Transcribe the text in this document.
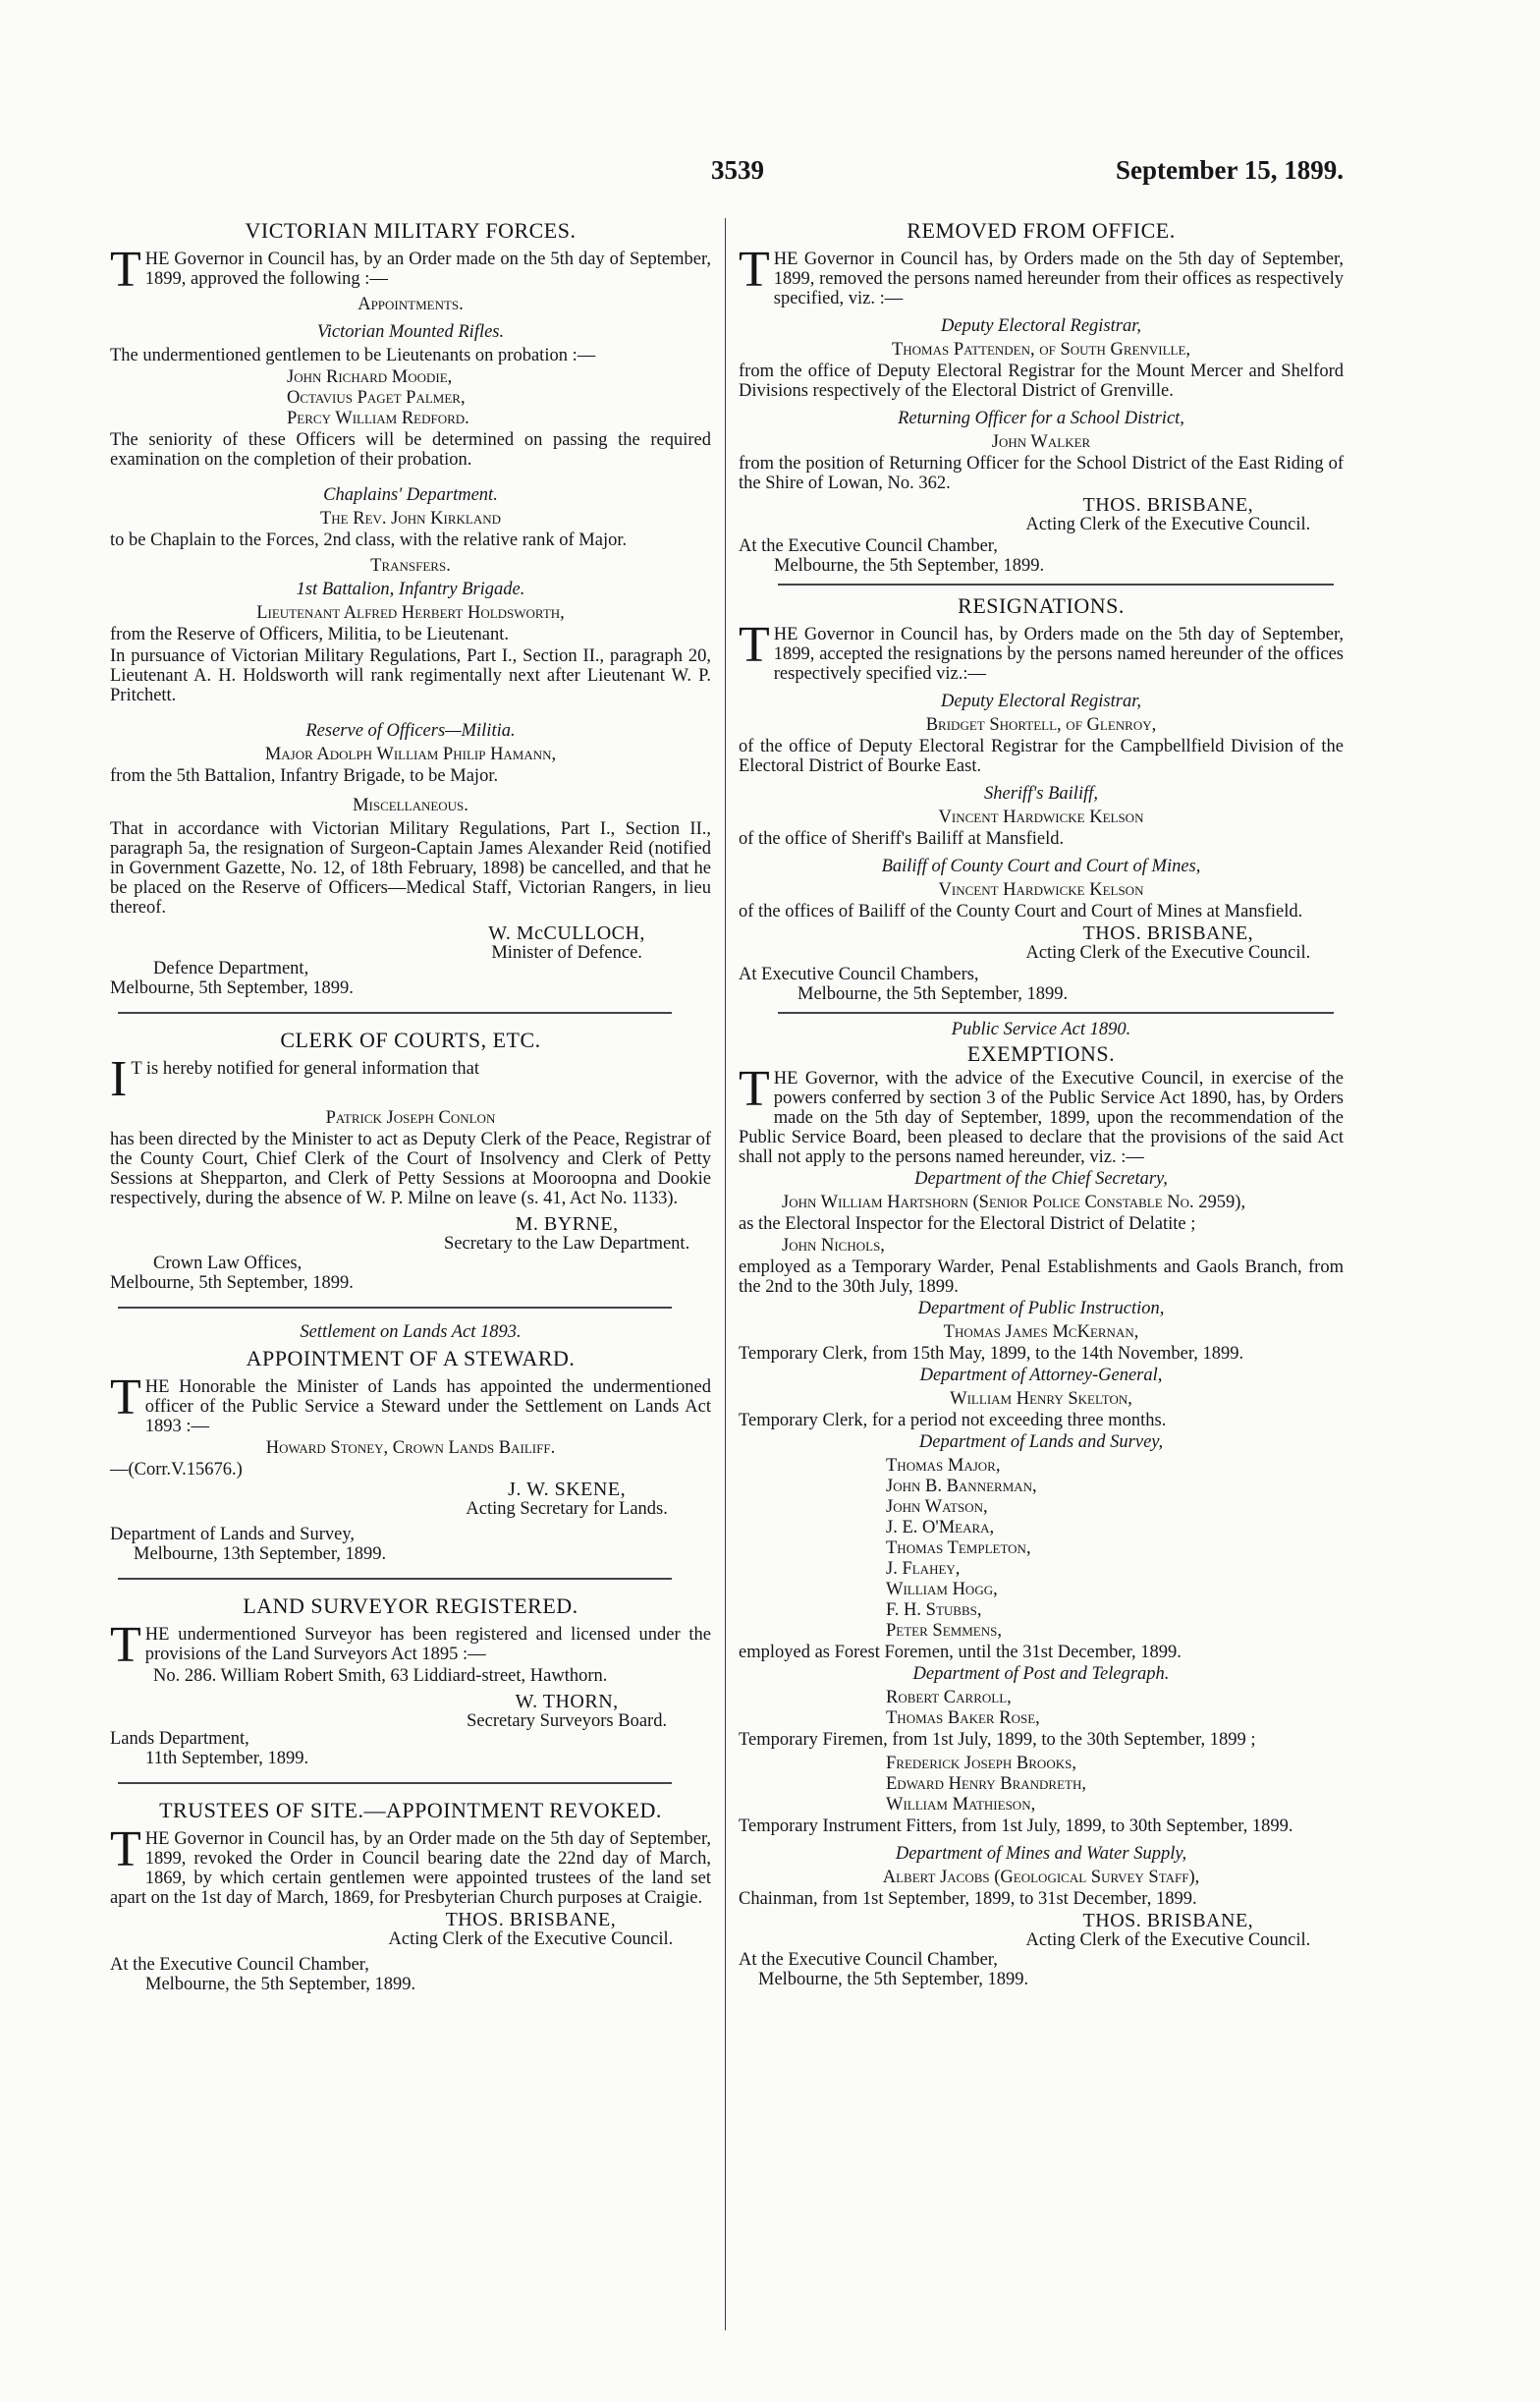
3539	September 15, 1899.
VICTORIAN MILITARY FORCES.

THE Governor in Council has, by an Order made on the 5th day of September, 1899, approved the following :—

Appointments.
Victorian Mounted Rifles.

The undermentioned gentlemen to be Lieutenants on probation :—

John Richard Moodie,
Octavius Paget Palmer,
Percy William Redford.

The seniority of these Officers will be determined on passing the required examination on the completion of their probation.

Chaplains' Department.
The Rev. John Kirkland

to be Chaplain to the Forces, 2nd class, with the relative rank of Major.

Transfers.
1st Battalion, Infantry Brigade.
Lieutenant Alfred Herbert Holdsworth,

from the Reserve of Officers, Militia, to be Lieutenant.

In pursuance of Victorian Military Regulations, Part I., Section II., paragraph 20, Lieutenant A. H. Holdsworth will rank regimentally next after Lieutenant W. P. Pritchett.

Reserve of Officers—Militia.
Major Adolph William Philip Hamann,

from the 5th Battalion, Infantry Brigade, to be Major.

Miscellaneous.

That in accordance with Victorian Military Regulations, Part I., Section II., paragraph 5a, the resignation of Surgeon-Captain James Alexander Reid (notified in Government Gazette, No. 12, of 18th February, 1898) be cancelled, and that he be placed on the Reserve of Officers—Medical Staff, Victorian Rangers, in lieu thereof.

W. McCULLOCH,
Minister of Defence.
Defence Department,
Melbourne, 5th September, 1899.
CLERK OF COURTS, ETC.

I T is hereby notified for general information that

Patrick Joseph Conlon

has been directed by the Minister to act as Deputy Clerk of the Peace, Registrar of the County Court, Chief Clerk of the Court of Insolvency and Clerk of Petty Sessions at Shepparton, and Clerk of Petty Sessions at Mooroopna and Dookie respectively, during the absence of W. P. Milne on leave (s. 41, Act No. 1133).

M. BYRNE,
Secretary to the Law Department.
Crown Law Offices,
Melbourne, 5th September, 1899.
Settlement on Lands Act 1893.
APPOINTMENT OF A STEWARD.

THE Honorable the Minister of Lands has appointed the undermentioned officer of the Public Service a Steward under the Settlement on Lands Act 1893 :—

Howard Stoney, Crown Lands Bailiff.
—(Corr.V.15676.)
J. W. SKENE,
Acting Secretary for Lands.
Department of Lands and Survey,
Melbourne, 13th September, 1899.
LAND SURVEYOR REGISTERED.

THE undermentioned Surveyor has been registered and licensed under the provisions of the Land Surveyors Act 1895 :—

No. 286. William Robert Smith, 63 Liddiard-street, Hawthorn.

W. THORN,
Secretary Surveyors Board.
Lands Department,
11th September, 1899.
TRUSTEES OF SITE.—APPOINTMENT REVOKED.

THE Governor in Council has, by an Order made on the 5th day of September, 1899, revoked the Order in Council bearing date the 22nd day of March, 1869, by which certain gentlemen were appointed trustees of the land set apart on the 1st day of March, 1869, for Presbyterian Church purposes at Craigie.

THOS. BRISBANE,
Acting Clerk of the Executive Council.
At the Executive Council Chamber,
Melbourne, the 5th September, 1899.
REMOVED FROM OFFICE.

THE Governor in Council has, by Orders made on the 5th day of September, 1899, removed the persons named hereunder from their offices as respectively specified, viz. :—

Deputy Electoral Registrar,
Thomas Pattenden, of South Grenville,

from the office of Deputy Electoral Registrar for the Mount Mercer and Shelford Divisions respectively of the Electoral District of Grenville.

Returning Officer for a School District,
John Walker

from the position of Returning Officer for the School District of the East Riding of the Shire of Lowan, No. 362.

THOS. BRISBANE,
Acting Clerk of the Executive Council.
At the Executive Council Chamber,
Melbourne, the 5th September, 1899.
RESIGNATIONS.

THE Governor in Council has, by Orders made on the 5th day of September, 1899, accepted the resignations by the persons named hereunder of the offices respectively specified viz.:—

Deputy Electoral Registrar,
Bridget Shortell, of Glenroy,

of the office of Deputy Electoral Registrar for the Campbellfield Division of the Electoral District of Bourke East.

Sheriff's Bailiff,
Vincent Hardwicke Kelson

of the office of Sheriff's Bailiff at Mansfield.

Bailiff of County Court and Court of Mines,
Vincent Hardwicke Kelson

of the offices of Bailiff of the County Court and Court of Mines at Mansfield.

THOS. BRISBANE,
Acting Clerk of the Executive Council.
At Executive Council Chambers,
Melbourne, the 5th September, 1899.
Public Service Act 1890.
EXEMPTIONS.

THE Governor, with the advice of the Executive Council, in exercise of the powers conferred by section 3 of the Public Service Act 1890, has, by Orders made on the 5th day of September, 1899, upon the recommendation of the Public Service Board, been pleased to declare that the provisions of the said Act shall not apply to the persons named hereunder, viz. :—

Department of the Chief Secretary,

John William Hartshorn (Senior Police Constable No. 2959),

as the Electoral Inspector for the Electoral District of Delatite ;

John Nichols,

employed as a Temporary Warder, Penal Establishments and Gaols Branch, from the 2nd to the 30th July, 1899.

Department of Public Instruction,
Thomas James McKernan,

Temporary Clerk, from 15th May, 1899, to the 14th November, 1899.

Department of Attorney-General,
William Henry Skelton,

Temporary Clerk, for a period not exceeding three months.

Department of Lands and Survey,
Thomas Major,
John B. Bannerman,
John Watson,
J. E. O'Meara,
Thomas Templeton,
J. Flahey,
William Hogg,
F. H. Stubbs,
Peter Semmens,

employed as Forest Foremen, until the 31st December, 1899.

Department of Post and Telegraph.
Robert Carroll,
Thomas Baker Rose,

Temporary Firemen, from 1st July, 1899, to the 30th September, 1899 ;

Frederick Joseph Brooks,
Edward Henry Brandreth,
William Mathieson,

Temporary Instrument Fitters, from 1st July, 1899, to 30th September, 1899.

Department of Mines and Water Supply,
Albert Jacobs (Geological Survey Staff),

Chainman, from 1st September, 1899, to 31st December, 1899.

THOS. BRISBANE,
Acting Clerk of the Executive Council.
At the Executive Council Chamber,
Melbourne, the 5th September, 1899.
